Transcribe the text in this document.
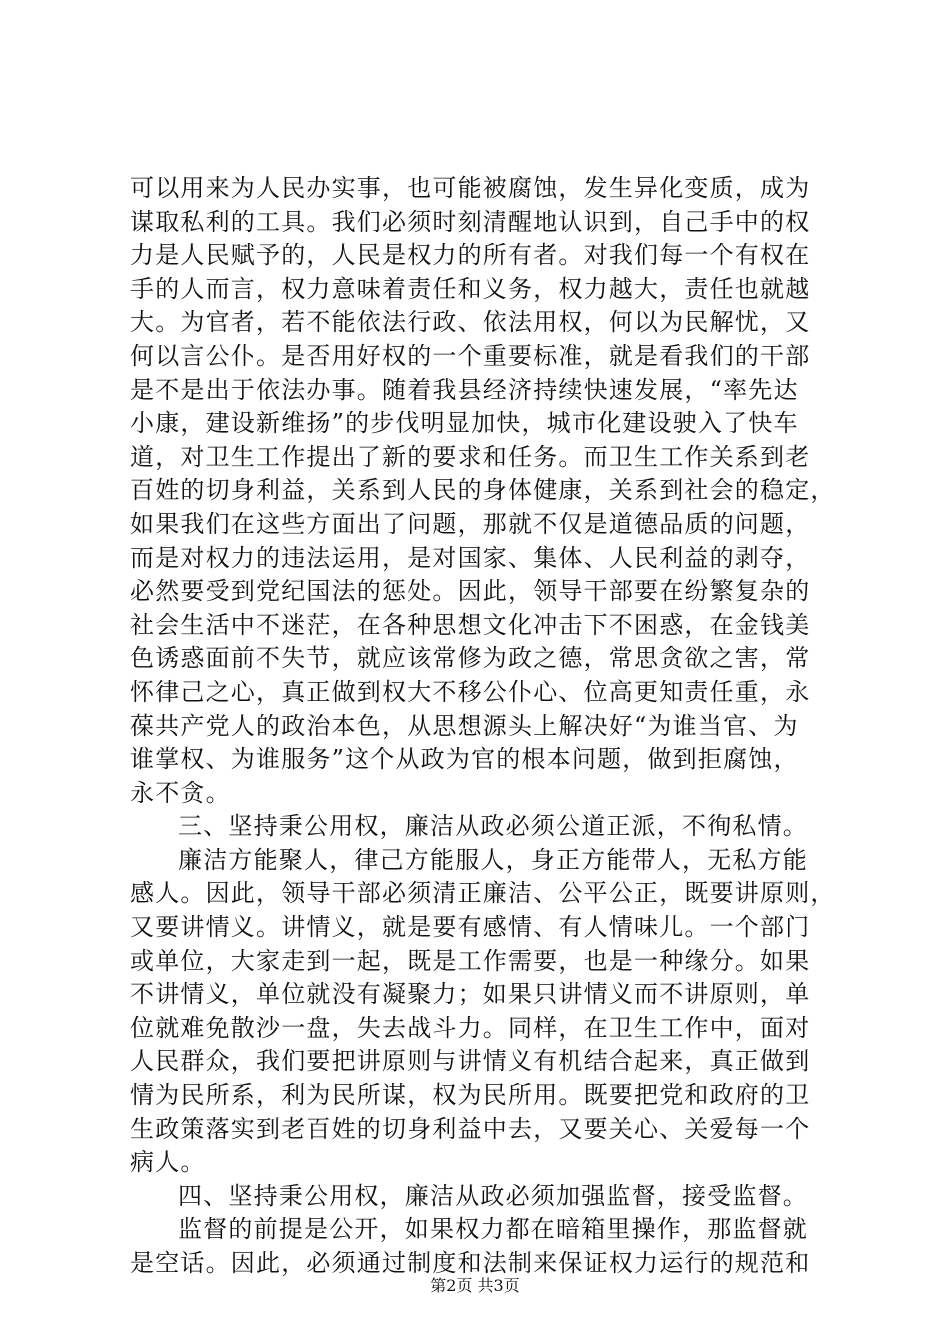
可以用来为人民办实事，也可能被腐蚀，发生异化变质，成为
谋取私利的工具。我们必须时刻清醒地认识到，自己手中的权
力是人民赋予的，人民是权力的所有者。对我们每一个有权在
手的人而言，权力意味着责任和义务，权力越大，责任也就越
大。为官者，若不能依法行政、依法用权，何以为民解忧，又
何以言公仆。是否用好权的一个重要标准，就是看我们的干部
是不是出于依法办事。随着我县经济持续快速发展，“率先达
小康，建设新维扬”的步伐明显加快，城市化建设驶入了快车
道，对卫生工作提出了新的要求和任务。而卫生工作关系到老
百姓的切身利益，关系到人民的身体健康，关系到社会的稳定，
如果我们在这些方面出了问题，那就不仅是道德品质的问题，
而是对权力的违法运用，是对国家、集体、人民利益的剥夺，
必然要受到党纪国法的惩处。因此，领导干部要在纷繁复杂的
社会生活中不迷茫，在各种思想文化冲击下不困惑，在金钱美
色诱惑面前不失节，就应该常修为政之德，常思贪欲之害，常
怀律己之心，真正做到权大不移公仆心、位高更知责任重，永
葆共产党人的政治本色，从思想源头上解决好“为谁当官、为
谁掌权、为谁服务”这个从政为官的根本问题，做到拒腐蚀，
永不贪。
三、坚持秉公用权，廉洁从政必须公道正派，不徇私情。
廉洁方能聚人，律己方能服人，身正方能带人，无私方能
感人。因此，领导干部必须清正廉洁、公平公正，既要讲原则，
又要讲情义。讲情义，就是要有感情、有人情味儿。一个部门
或单位，大家走到一起，既是工作需要，也是一种缘分。如果
不讲情义，单位就没有凝聚力；如果只讲情义而不讲原则，单
位就难免散沙一盘，失去战斗力。同样，在卫生工作中，面对
人民群众，我们要把讲原则与讲情义有机结合起来，真正做到
情为民所系，利为民所谋，权为民所用。既要把党和政府的卫
生政策落实到老百姓的切身利益中去，又要关心、关爱每一个
病人。
四、坚持秉公用权，廉洁从政必须加强监督，接受监督。
监督的前提是公开，如果权力都在暗箱里操作，那监督就
是空话。因此，必须通过制度和法制来保证权力运行的规范和
第2页 共3页
